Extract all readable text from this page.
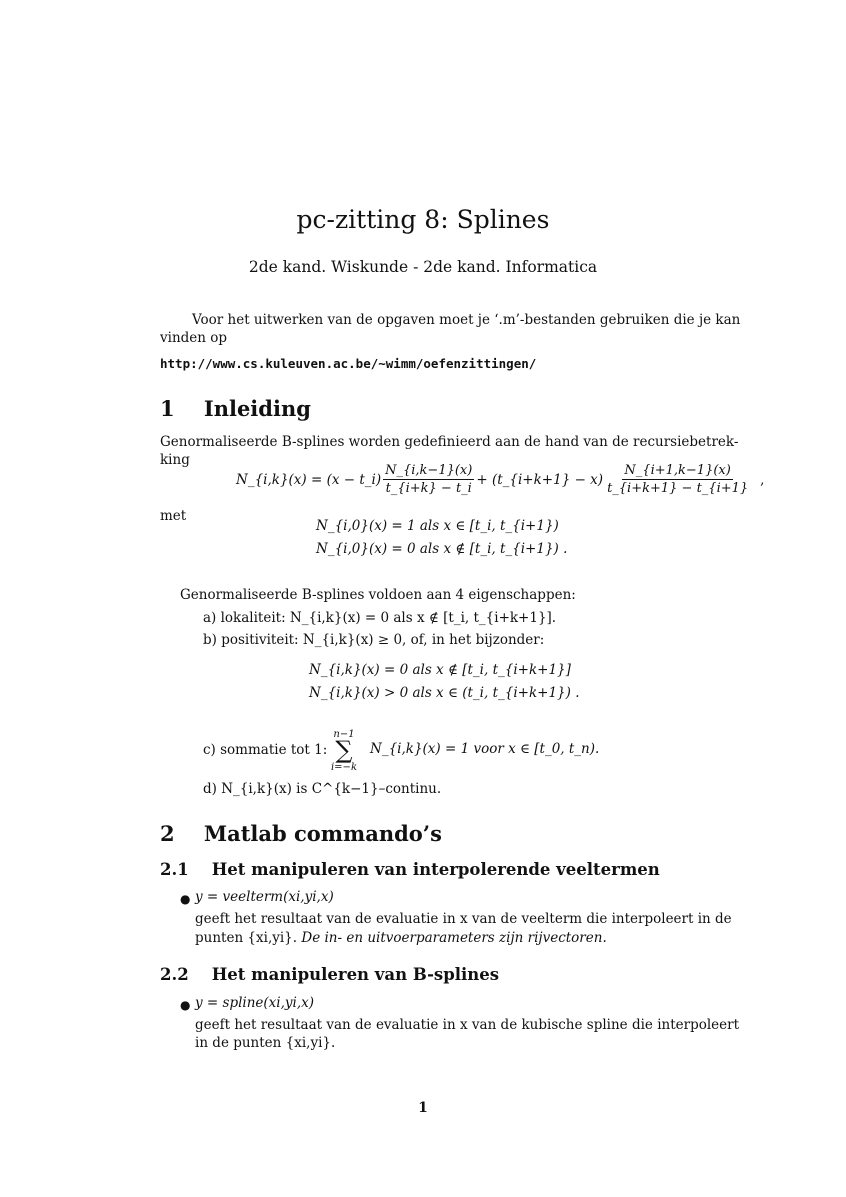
pc-zitting 8: Splines
2de kand. Wiskunde - 2de kand. Informatica
Voor het uitwerken van de opgaven moet je ‘.m’-bestanden gebruiken die je kan
vinden op
http://www.cs.kuleuven.ac.be/~wimm/oefenzittingen/
1 Inleiding
Genormaliseerde B-splines worden gedefinieerd aan de hand van de recursiebetrek-
king
N_{i,k}(x) = (x − t_i) $\frac{N\_\{i,k-1\}(x)}{t\_\{i+k\} - t\_i}$ + (t_{i+k+1} − $x) \frac{N\_\{i+1,k-1\}(x)}{t\_\{i+k+1\} - t\_\{i+1\}}$ ,
met
N_{i,0}(x) = 1 als x ∈ [t_i, t_{i+1})
N_{i,0}(x) = 0 als x ∉ [t_i, t_{i+1}) .
Genormaliseerde B-splines voldoen aan 4 eigenschappen:
a) lokaliteit: N_{i,k}(x) = 0 als x ∉ [t_i, t_{i+k+1}].
b) positiviteit: N_{i,k}(x) ≥ 0, of, in het bijzonder:
N_{i,k}(x) = 0 als x ∉ [t_i, t_{i+k+1}]
N_{i,k}(x) > 0 als x ∈ (t_i, t_{i+k+1}) .
c) sommatie tot 1:
n−1
∑
i=−k
N_{i,k}(x) = 1 voor x ∈ [t_0, t_n).
d) N_{i,k}(x) is C^{k−1}–continu.
2 Matlab commando’s
2.1 Het manipuleren van interpolerende veeltermen
● y = veelterm(xi,yi,x)
geeft het resultaat van de evaluatie in x van de veelterm die interpoleert in de
punten {xi,yi}. De in- en uitvoerparameters zijn rijvectoren.
2.2 Het manipuleren van B-splines
● y = spline(xi,yi,x)
geeft het resultaat van de evaluatie in x van de kubische spline die interpoleert
in de punten {xi,yi}.
1
